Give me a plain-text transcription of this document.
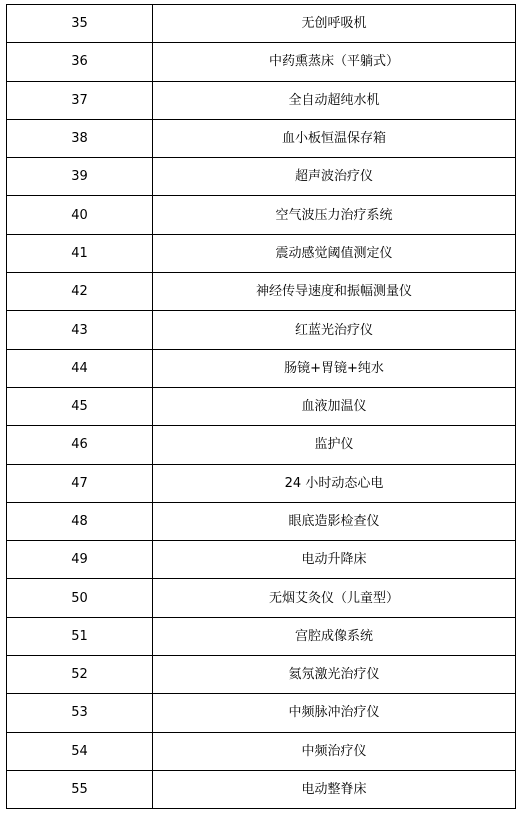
35	无创呼吸机
36	中药熏蒸床（平躺式）
37	全自动超纯水机
38	血小板恒温保存箱
39	超声波治疗仪
40	空气波压力治疗系统
41	震动感觉阈值测定仪
42	神经传导速度和振幅测量仪
43	红蓝光治疗仪
44	肠镜+胃镜+纯水
45	血液加温仪
46	监护仪
47	24 小时动态心电
48	眼底造影检查仪
49	电动升降床
50	无烟艾灸仪（儿童型）
51	宫腔成像系统
52	氦氖激光治疗仪
53	中频脉冲治疗仪
54	中频治疗仪
55	电动整脊床
